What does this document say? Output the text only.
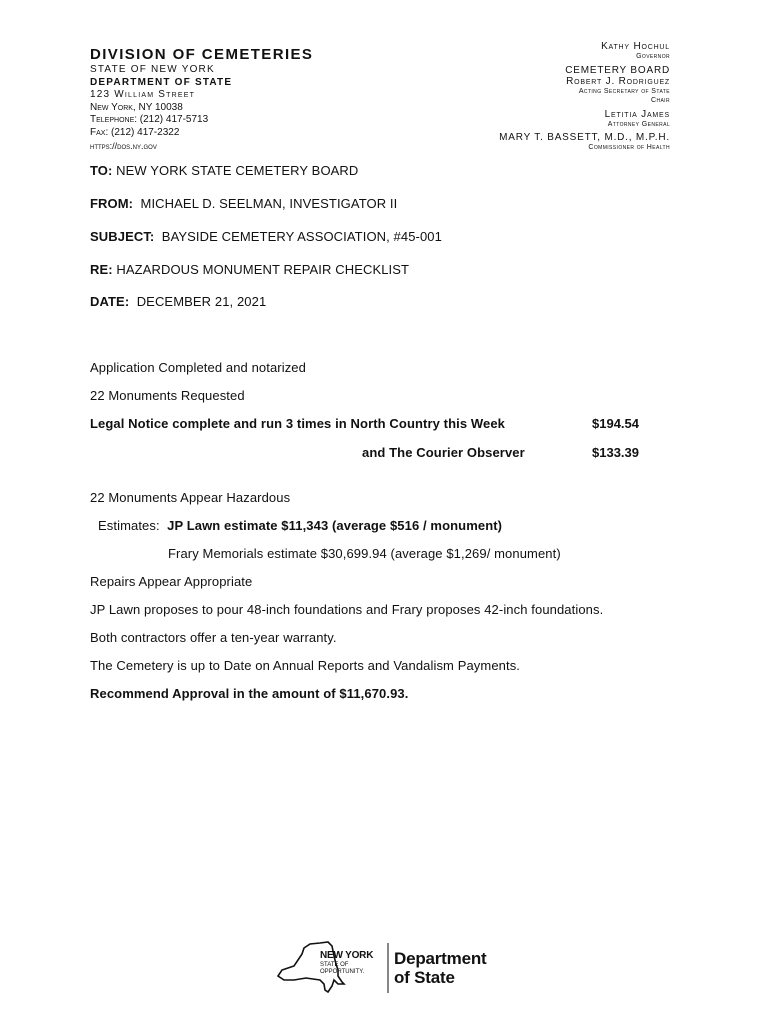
DIVISION OF CEMETERIES
STATE OF NEW YORK
DEPARTMENT OF STATE
123 William Street
New York, NY 10038
Telephone: (212) 417-5713
Fax: (212) 417-2322
https://dos.ny.gov
Kathy Hochul
Governor
CEMETERY BOARD
Robert J. Rodriguez
Acting Secretary of State
Chair
Letitia James
Attorney General
MARY T. BASSETT, M.D., M.P.H.
Commissioner of Health
TO: NEW YORK STATE CEMETERY BOARD
FROM:  MICHAEL D. SEELMAN, INVESTIGATOR II
SUBJECT:  BAYSIDE CEMETERY ASSOCIATION, #45-001
RE: HAZARDOUS MONUMENT REPAIR CHECKLIST
DATE:  DECEMBER 21, 2021
Application Completed and notarized
22 Monuments Requested
Legal Notice complete and run 3 times in North Country this Week	$194.54
and The Courier Observer	$133.39
22 Monuments Appear Hazardous
Estimates: JP Lawn estimate $11,343 (average $516 / monument)
Frary Memorials estimate $30,699.94 (average $1,269/ monument)
Repairs Appear Appropriate
JP Lawn proposes to pour 48-inch foundations and Frary proposes 42-inch foundations.
Both contractors offer a ten-year warranty.
The Cemetery is up to Date on Annual Reports and Vandalism Payments.
Recommend Approval in the amount of $11,670.93.
NEW YORK
STATE OF
OPPORTUNITY.
Department
of State
